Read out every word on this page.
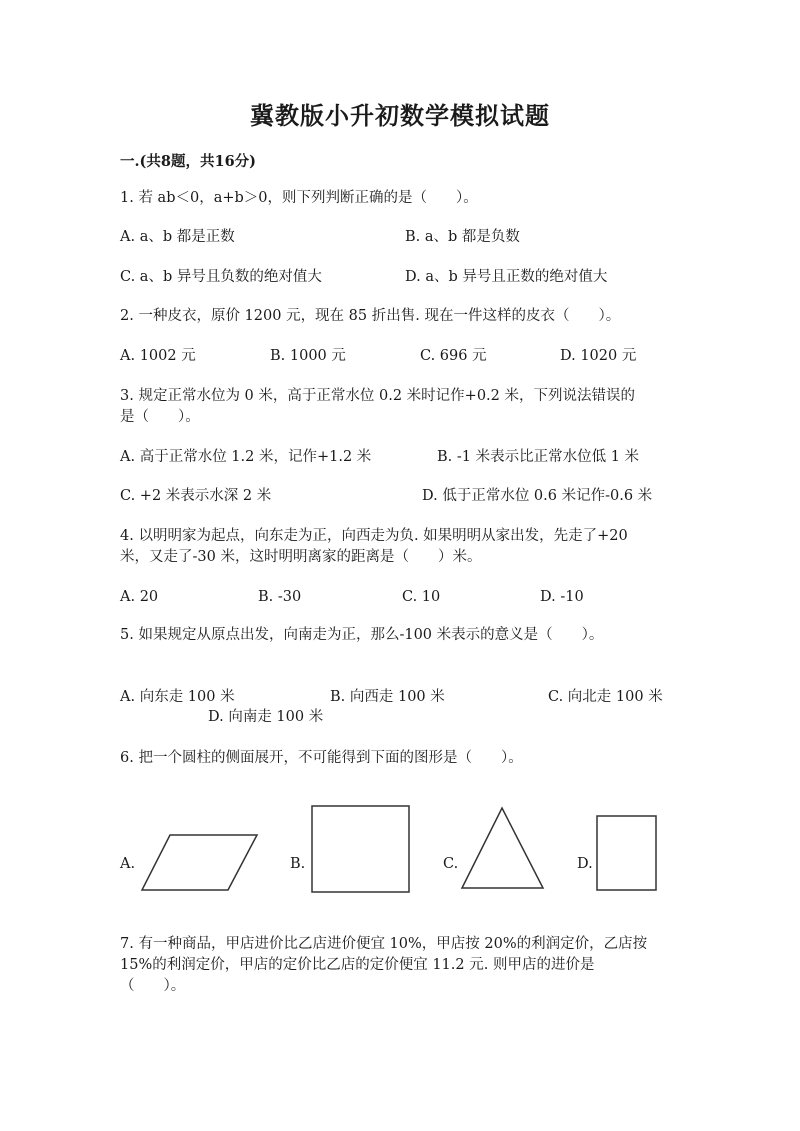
冀教版小升初数学模拟试题
一.(共8题，共16分)
1. 若 ab＜0，a+b＞0，则下列判断正确的是（　　）。
A. a、b 都是正数	B. a、b 都是负数
C. a、b 异号且负数的绝对值大	D. a、b 异号且正数的绝对值大
2. 一种皮衣，原价 1200 元，现在 85 折出售. 现在一件这样的皮衣（　　）。
A. 1002 元	B. 1000 元	C. 696 元	D. 1020 元
3. 规定正常水位为 0 米，高于正常水位 0.2 米时记作+0.2 米，下列说法错误的
是（　　）。
A. 高于正常水位 1.2 米，记作+1.2 米	B. -1 米表示比正常水位低 1 米
C. +2 米表示水深 2 米	D. 低于正常水位 0.6 米记作-0.6 米
4. 以明明家为起点，向东走为正，向西走为负. 如果明明从家出发，先走了+20
米，又走了-30 米，这时明明离家的距离是（　　）米。
A. 20	B. -30	C. 10	D. -10
5. 如果规定从原点出发，向南走为正，那么-100 米表示的意义是（　　）。
A. 向东走 100 米	B. 向西走 100 米	C. 向北走 100 米
D. 向南走 100 米
6. 把一个圆柱的侧面展开，不可能得到下面的图形是（　　）。
A.	B.	C.	D.
7. 有一种商品，甲店进价比乙店进价便宜 10%，甲店按 20%的利润定价，乙店按
15%的利润定价，甲店的定价比乙店的定价便宜 11.2 元. 则甲店的进价是
（　　）。
